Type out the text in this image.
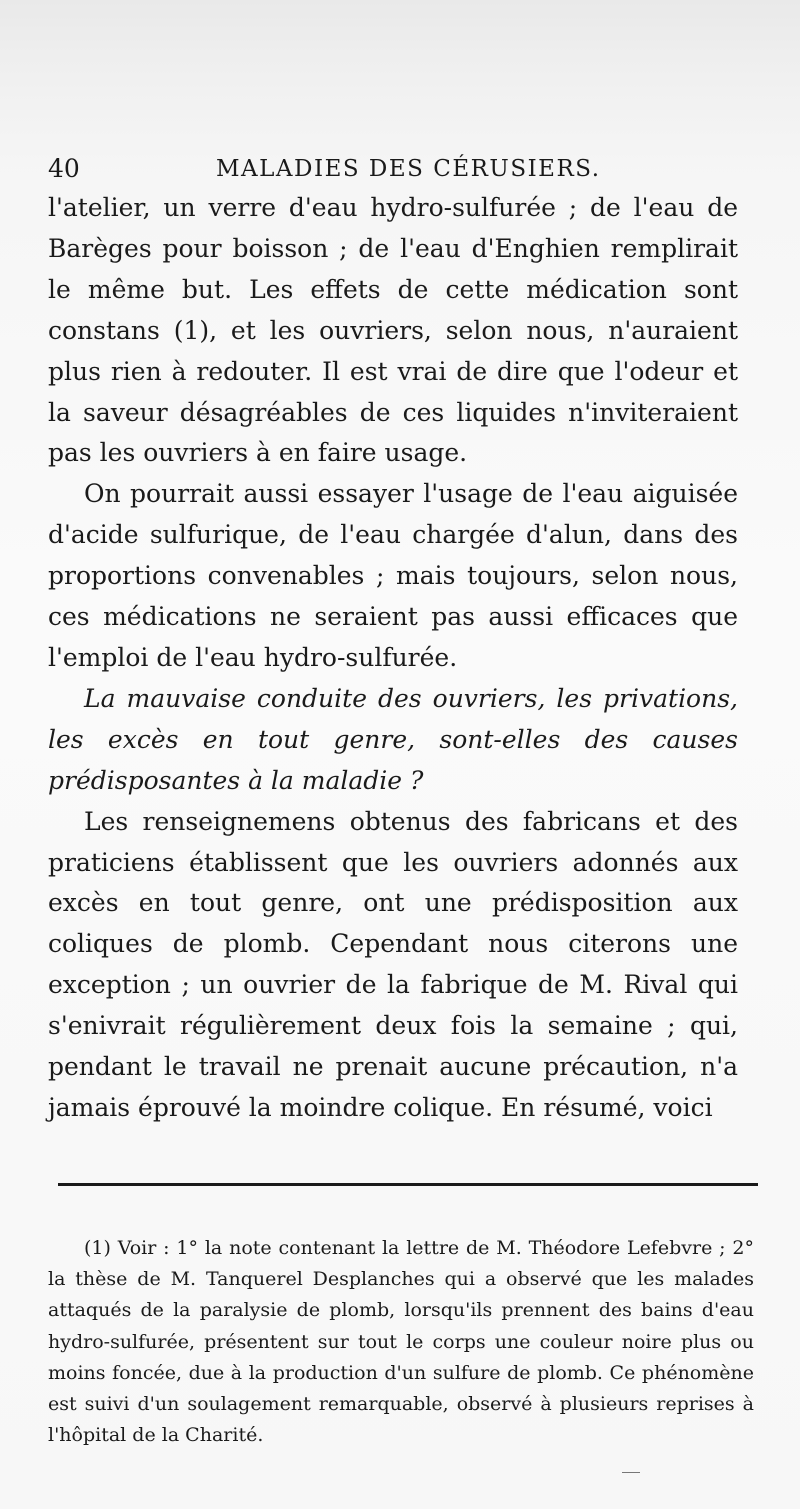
40	MALADIES DES CÉRUSIERS.

l'atelier, un verre d'eau hydro-sulfurée ; de l'eau de Barèges pour boisson ; de l'eau d'Enghien remplirait le même but. Les effets de cette médication sont constans (1), et les ouvriers, selon nous, n'auraient plus rien à redouter. Il est vrai de dire que l'odeur et la saveur désagréables de ces liquides n'inviteraient pas les ouvriers à en faire usage.

On pourrait aussi essayer l'usage de l'eau aiguisée d'acide sulfurique, de l'eau chargée d'alun, dans des proportions convenables ; mais toujours, selon nous, ces médications ne seraient pas aussi efficaces que l'emploi de l'eau hydro-sulfurée.

La mauvaise conduite des ouvriers, les privations, les excès en tout genre, sont-elles des causes prédisposantes à la maladie ?

Les renseignemens obtenus des fabricans et des praticiens établissent que les ouvriers adonnés aux excès en tout genre, ont une prédisposition aux coliques de plomb. Cependant nous citerons une exception ; un ouvrier de la fabrique de M. Rival qui s'enivrait régulièrement deux fois la semaine ; qui, pendant le travail ne prenait aucune précaution, n'a jamais éprouvé la moindre colique. En résumé, voici

(1) Voir : 1° la note contenant la lettre de M. Théodore Lefebvre ; 2° la thèse de M. Tanquerel Desplanches qui a observé que les malades attaqués de la paralysie de plomb, lorsqu'ils prennent des bains d'eau hydro-sulfurée, présentent sur tout le corps une couleur noire plus ou moins foncée, due à la production d'un sulfure de plomb. Ce phénomène est suivi d'un soulagement remarquable, observé à plusieurs reprises à l'hôpital de la Charité.
